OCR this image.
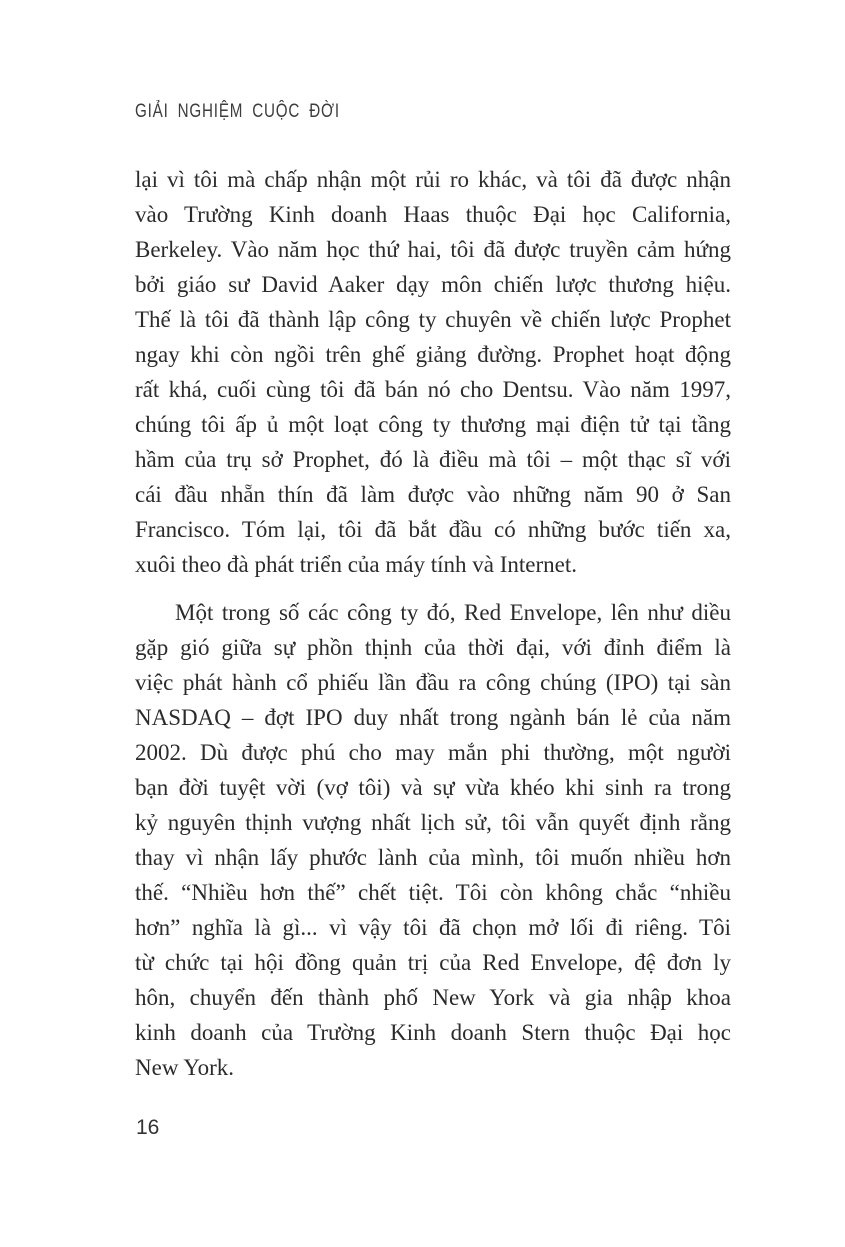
GIẢI NGHIỆM CUỘC ĐỜI
lại vì tôi mà chấp nhận một rủi ro khác, và tôi đã được nhận
vào Trường Kinh doanh Haas thuộc Đại học California,
Berkeley. Vào năm học thứ hai, tôi đã được truyền cảm hứng
bởi giáo sư David Aaker dạy môn chiến lược thương hiệu.
Thế là tôi đã thành lập công ty chuyên về chiến lược Prophet
ngay khi còn ngồi trên ghế giảng đường. Prophet hoạt động
rất khá, cuối cùng tôi đã bán nó cho Dentsu. Vào năm 1997,
chúng tôi ấp ủ một loạt công ty thương mại điện tử tại tầng
hầm của trụ sở Prophet, đó là điều mà tôi – một thạc sĩ với
cái đầu nhẵn thín đã làm được vào những năm 90 ở San
Francisco. Tóm lại, tôi đã bắt đầu có những bước tiến xa,
xuôi theo đà phát triển của máy tính và Internet.
Một trong số các công ty đó, Red Envelope, lên như diều
gặp gió giữa sự phồn thịnh của thời đại, với đỉnh điểm là
việc phát hành cổ phiếu lần đầu ra công chúng (IPO) tại sàn
NASDAQ – đợt IPO duy nhất trong ngành bán lẻ của năm
2002. Dù được phú cho may mắn phi thường, một người
bạn đời tuyệt vời (vợ tôi) và sự vừa khéo khi sinh ra trong
kỷ nguyên thịnh vượng nhất lịch sử, tôi vẫn quyết định rằng
thay vì nhận lấy phước lành của mình, tôi muốn nhiều hơn
thế. “Nhiều hơn thế” chết tiệt. Tôi còn không chắc “nhiều
hơn” nghĩa là gì... vì vậy tôi đã chọn mở lối đi riêng. Tôi
từ chức tại hội đồng quản trị của Red Envelope, đệ đơn ly
hôn, chuyển đến thành phố New York và gia nhập khoa
kinh doanh của Trường Kinh doanh Stern thuộc Đại học
New York.
16
